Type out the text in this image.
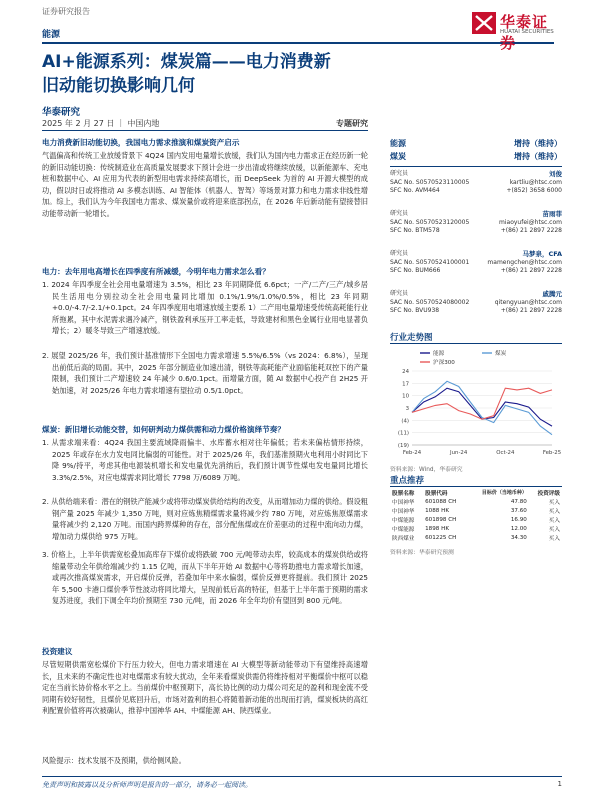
证券研究报告
能源
华泰证券
HUATAI SECURITIES
AI+能源系列：煤炭篇——电力消费新
旧动能切换影响几何
华泰研究
2025 年 2 月 27 日 ｜ 中国内地	专题研究
电力消费新旧动能切换，我国电力需求推演和煤炭资产启示
气温偏高和传统工业放缓背景下 4Q24 国内发用电量增长放缓，我们认为国内电力需求正在经历新一轮的新旧动能切换：传统制造业在高质量发展要求下预计会进一步出清或将继续放缓，以新能源车、充电桩和数据中心、AI 应用为代表的新型用电需求持续高增长，而 DeepSeek 为首的 AI 开源大模型的成功，假以时日或将推动 AI 多模态训练、AI 智能体（机器人、智驾）等场景对算力和电力需求非线性增加。综上，我们认为今年我国电力需求、煤炭量价或将迎来底部拐点，在 2026 年后新动能有望接替旧动能带动新一轮增长。
电力：去年用电高增长在四季度有所减缓，今明年电力需求怎么看？
1. 2024 年四季度全社会用电量增速为 3.5%，相比 23 年同期降低 6.6pct；一产/二产/三产/城乡居民生活用电分别拉动全社会用电量同比增加 0.1%/1.9%/1.0%/0.5%，相比 23 年同期+0.0/-4.7/-2.1/+0.1pct。24 年四季度用电增速放缓主要系 1）二产用电量增速受传统高耗能行业所拖累，其中水泥需求遇冷减产，钢铁盈利承压开工率走低，导致建材和黑色金属行业用电显著负增长；2）暖冬导致三产增速放缓。
2. 展望 2025/26 年，我们预计基准情形下全国电力需求增速 5.5%/6.5%（vs 2024：6.8%），呈现出前低后高的局面。其中，2025 年部分制造业加速出清，钢铁等高耗能产业面临能耗双控下的产量限制，我们预计二产增速较 24 年减少 0.6/0.1pct。而增量方面，随 AI 数据中心投产自 2H25 开始加速，对 2025/26 年电力需求增速有望拉动 0.5/1.0pct。
煤炭：新旧增长动能交替，如何研判动力煤供需和动力煤价格演绎节奏？
1. 从需求端来看：4Q24 我国主要流域降雨偏丰、水库蓄水相对往年偏低；若未来偏枯情形持续，2025 年或存在水力发电同比偏弱的可能性。对于 2025/26 年，我们基准预期火电利用小时同比下降 9%/持平，考虑其他电源装机增长和发电量优先消纳后，我们预计调节性煤电发电量同比增长 3.3%/2.5%，对应电煤需求同比增长 7798 万/6089 万吨。
2. 从供给端来看：潜在的钢铁产能减少或将带动煤炭供给结构的改变，从而增加动力煤的供给。假设粗钢产量 2025 年减少 1,350 万吨，则对应炼焦精煤需求量将减少约 780 万吨，对应炼焦原煤需求量将减少约 2,120 万吨。而国内跨界煤种的存在，部分配焦煤或在价差驱动的过程中流向动力煤，增加动力煤供给 975 万吨。
3. 价格上，上半年供需宽松叠加高库存下煤价或将跌破 700 元/吨带动去库，较高成本的煤炭供给或将缩量带动全年供给端减少约 1.15 亿吨，而从下半年开始 AI 数据中心等将助推电力需求增长加速，或再次推高煤炭需求，开启煤价反弹，若叠加年中来水偏弱，煤价反弹更将提前。我们预计 2025 年 5,500 卡港口煤价季节性波动将同比增大，呈现前低后高的特征，但基于上半年需于预期的需求复苏进度，我们下调全年均价预期至 730 元/吨，而 2026 年全年均价有望回到 800 元/吨。
投资建议
尽管短期供需宽松煤价下行压力较大，但电力需求增速在 AI 大模型等新动能带动下有望维持高速增长，且未来的不确定性也对电煤需求有较大扰动，全年来看煤炭供需仍将维持相对平衡煤价中枢可以稳定在当前长协价格水平之上。当前煤价中枢预期下，高长协比例的动力煤公司充足的盈利和现金流不受同期有较好韧性，且煤价见底回升后，市场对盈利的担心将随着新动能的出现而打消，煤炭板块的高红利配置价值将再次被确认，推荐中国神华 AH、中煤能源 AH、陕西煤业。
风险提示：技术发展不及预期，供给侧风险。
能源	增持（维持）
煤炭	增持（维持）
研究员	刘俊
SAC No. S0570523110005
SFC No. AVM464
kartliu@htsc.com
+(852) 3658 6000
研究员	苗雨菲
SAC No. S0570523120005
SFC No. BTM578
miaoyufei@htsc.com
+(86) 21 2897 2228
研究员	马梦泉，CFA
SAC No. S0570524100001
SFC No. BUM666
mamengchen@htsc.com
+(86) 21 2897 2228
研究员	戚腾元
SAC No. S0570524080002
SFC No. BVU938
qitengyuan@htsc.com
+(86) 21 2897 2228
行业走势图
能源	煤炭
沪深300
Feb-24	Jun-24	Oct-24	Feb-25
24
17
10
3
(4)
(11)
(19)
资料来源：Wind，华泰研究
重点推荐
股票名称	股票代码	目标价（当地币种）	投资评级
中国神华	601088 CH	47.80	买入
中国神华	1088 HK	37.60	买入
中煤能源	601898 CH	16.90	买入
中煤能源	1898 HK	12.00	买入
陕西煤业	601225 CH	34.30	买入
资料来源：华泰研究预测
免责声明和披露以及分析师声明是报告的一部分，请务必一起阅读。	1
